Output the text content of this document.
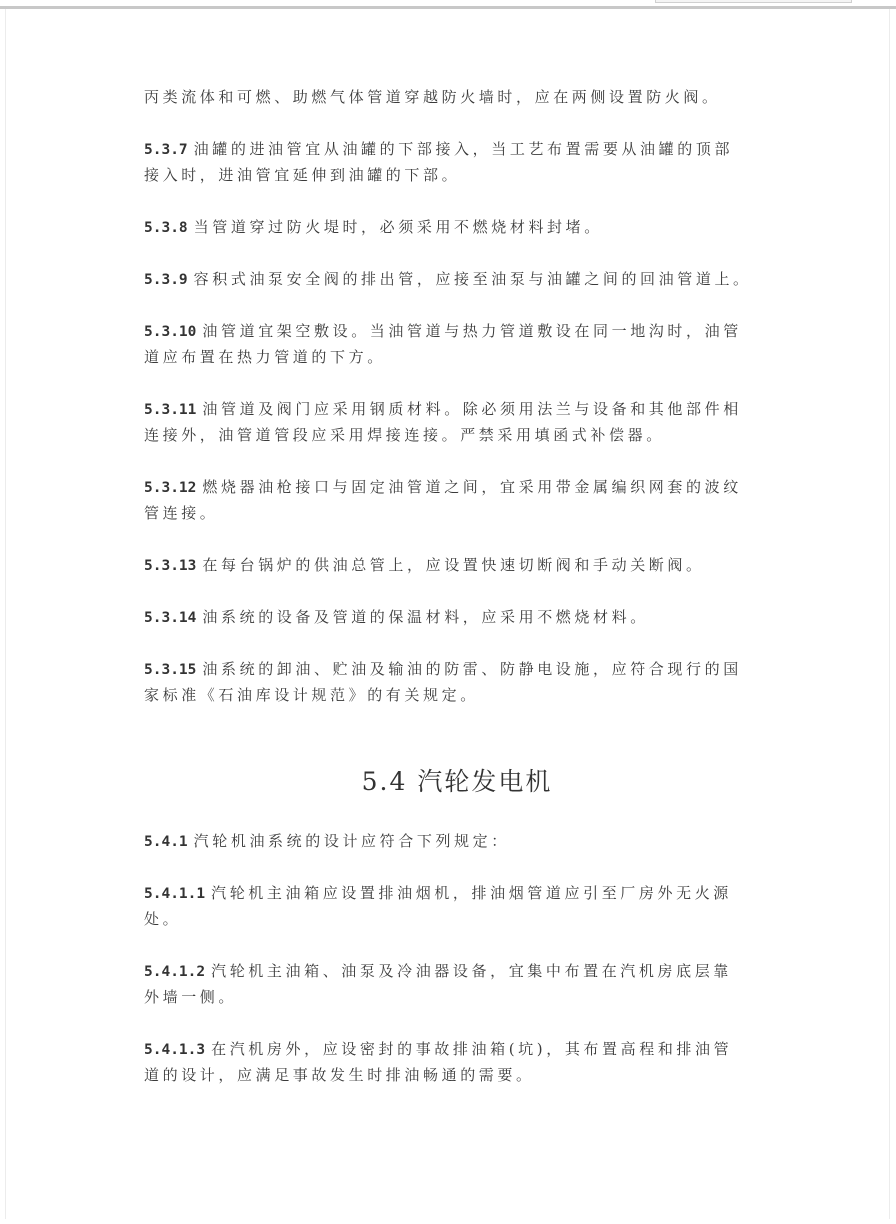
丙类流体和可燃、助燃气体管道穿越防火墙时，应在两侧设置防火阀。
5.3.7 油罐的进油管宜从油罐的下部接入，当工艺布置需要从油罐的顶部
接入时，进油管宜延伸到油罐的下部。
5.3.8 当管道穿过防火堤时，必须采用不燃烧材料封堵。
5.3.9 容积式油泵安全阀的排出管，应接至油泵与油罐之间的回油管道上。
5.3.10 油管道宜架空敷设。当油管道与热力管道敷设在同一地沟时，油管
道应布置在热力管道的下方。
5.3.11 油管道及阀门应采用钢质材料。除必须用法兰与设备和其他部件相
连接外，油管道管段应采用焊接连接。严禁采用填函式补偿器。
5.3.12 燃烧器油枪接口与固定油管道之间，宜采用带金属编织网套的波纹
管连接。
5.3.13 在每台锅炉的供油总管上，应设置快速切断阀和手动关断阀。
5.3.14 油系统的设备及管道的保温材料，应采用不燃烧材料。
5.3.15 油系统的卸油、贮油及输油的防雷、防静电设施，应符合现行的国
家标准《石油库设计规范》的有关规定。
5.4 汽轮发电机
5.4.1 汽轮机油系统的设计应符合下列规定：
5.4.1.1 汽轮机主油箱应设置排油烟机，排油烟管道应引至厂房外无火源
处。
5.4.1.2 汽轮机主油箱、油泵及冷油器设备，宜集中布置在汽机房底层靠
外墙一侧。
5.4.1.3 在汽机房外，应设密封的事故排油箱(坑)，其布置高程和排油管
道的设计，应满足事故发生时排油畅通的需要。
